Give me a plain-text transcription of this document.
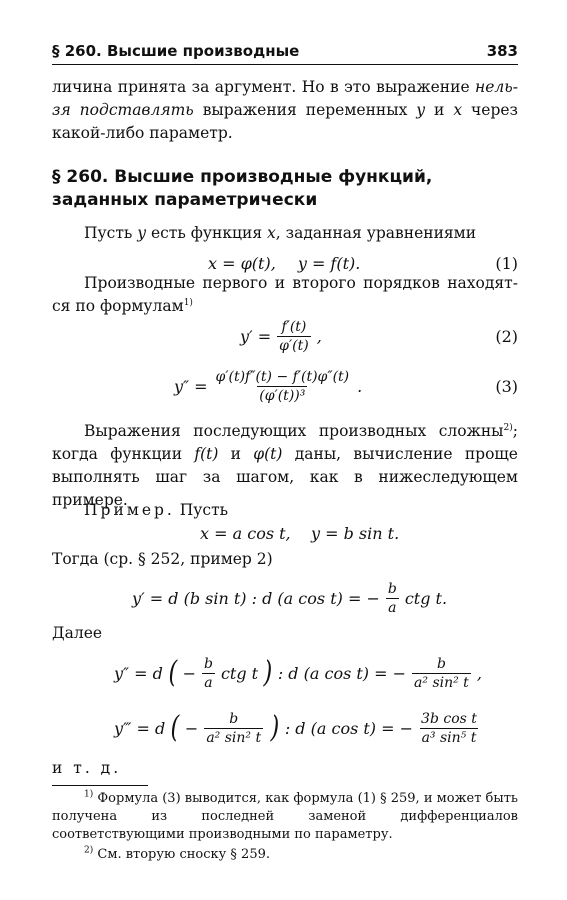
§ 260. Высшие производные	383

личина принята за аргумент. Но в это выражение нельзя подставлять выражения переменных y и x через какой-либо параметр.

§ 260. Высшие производные функций, заданных параметрически

Пусть y есть функция x, заданная уравнениями

x = φ(t), y = f(t).	(1)

Производные первого и второго порядков находятся по формулам$^{1)}$

$y' = \frac{f'(t)}{\varphi'(t)}$ ,	(2)
$y'' = \frac{\varphi'(t)f''(t) - f'(t)\varphi''(t)}{\text{(φ′(t))³}}$ .	(3)

Выражения последующих производных сложны$^{2)}$; когда функции f(t) и φ(t) даны, вычисление проще выполнять шаг за шагом, как в нижеследующем примере.

Пример. Пусть

x = a cos t,    y = b sin t.

Тогда (ср. § 252, пример 2)

y′ = d (b sin t) : d (a cos t) = − $\frac{b}{a}$ ctg t.

Далее

y″ = d ( − $\frac{b}{a}$ ctg t ) : d (a cos t) = − $\frac{b}{\text{a² sin² t}}$ ,
y‴ = d ( − $\frac{b}{\text{a² sin² t}}$ ) : d (a cos t) = − $\frac{\text{3b cos t}}{\text{a³ sin⁵ t}}$

и т. д.

$^{1)}$ Формула (3) выводится, как формула (1) § 259, и может быть получена из последней заменой дифференциалов соответствующими производными по параметру.

$^{2)}$ См. вторую сноску § 259.
